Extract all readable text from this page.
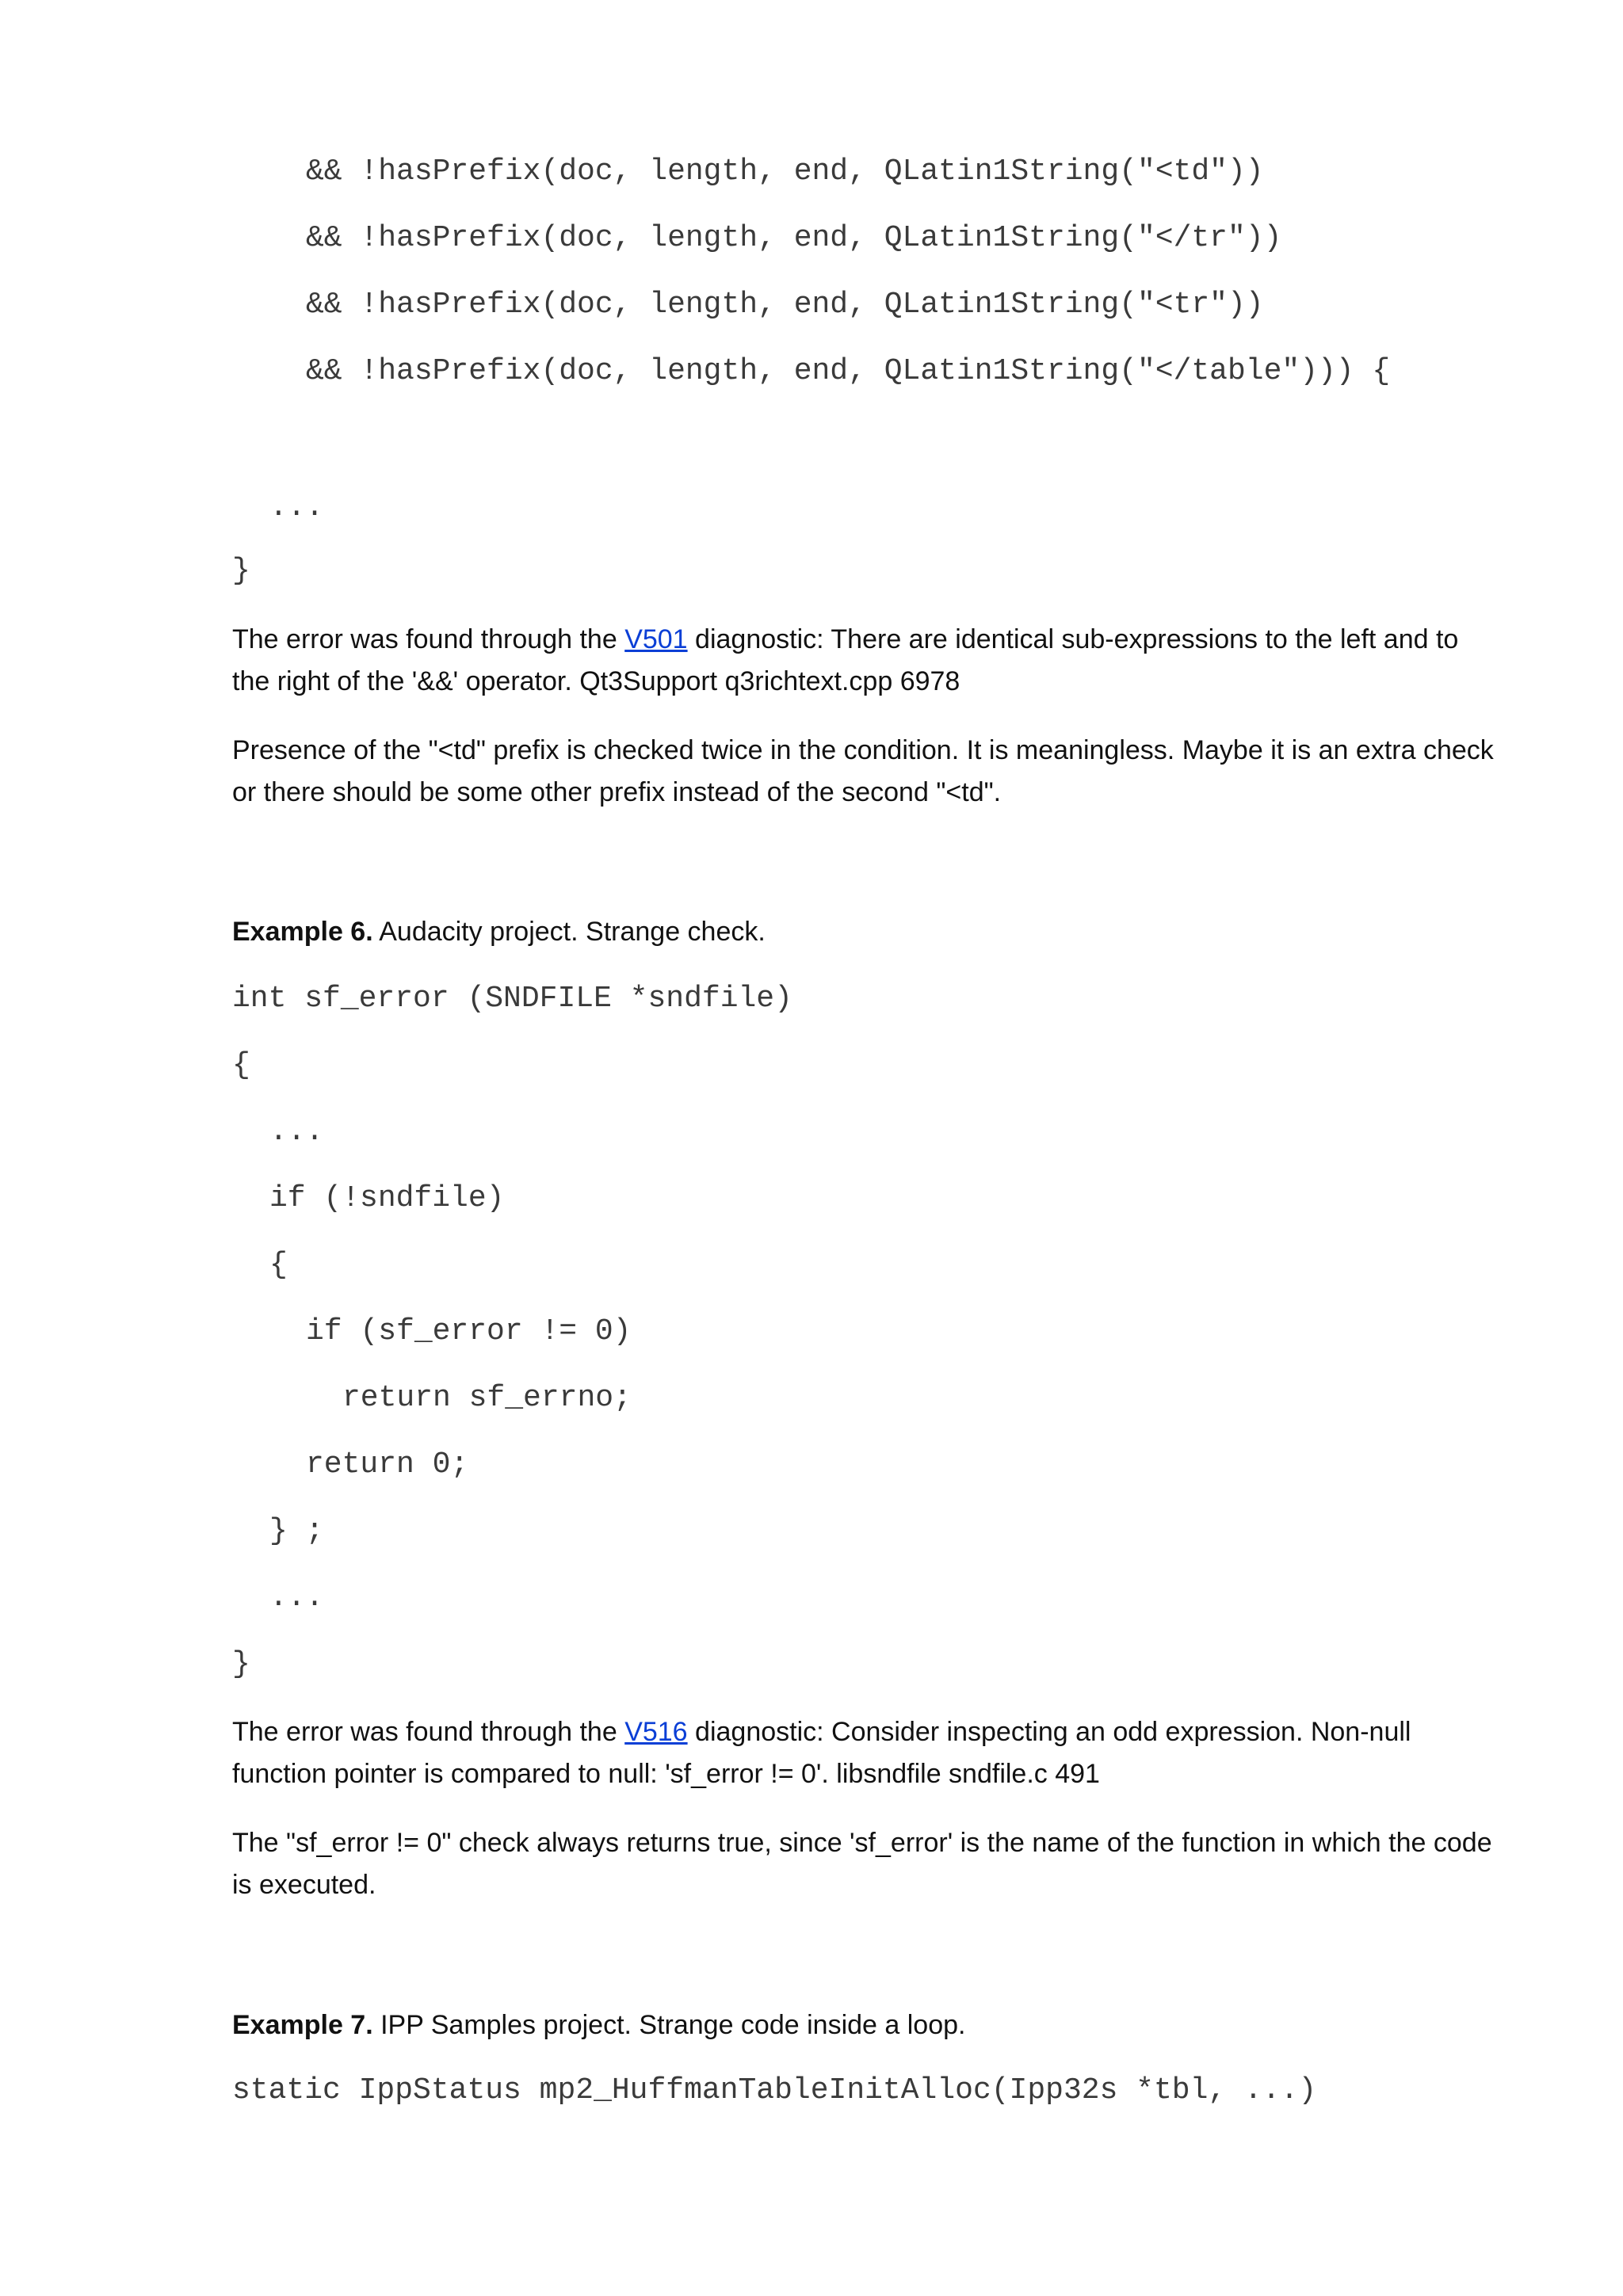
&& !hasPrefix(doc, length, end, QLatin1String("<td"))
&& !hasPrefix(doc, length, end, QLatin1String("</tr"))
&& !hasPrefix(doc, length, end, QLatin1String("<tr"))
&& !hasPrefix(doc, length, end, QLatin1String("</table"))) {
...
}

The error was found through the V501 diagnostic: There are identical sub-expressions to the left and to the right of the '&&' operator. Qt3Support q3richtext.cpp 6978

Presence of the "<td" prefix is checked twice in the condition. It is meaningless. Maybe it is an extra check or there should be some other prefix instead of the second "<td".

Example 6. Audacity project. Strange check.

int sf_error (SNDFILE *sndfile)
{
...
if (!sndfile)
{
if (sf_error != 0)
return sf_errno;
return 0;
} ;
...
}

The error was found through the V516 diagnostic: Consider inspecting an odd expression. Non-null function pointer is compared to null: 'sf_error != 0'. libsndfile sndfile.c 491

The "sf_error != 0" check always returns true, since 'sf_error' is the name of the function in which the code is executed.

Example 7. IPP Samples project. Strange code inside a loop.

static IppStatus mp2_HuffmanTableInitAlloc(Ipp32s *tbl, ...)
